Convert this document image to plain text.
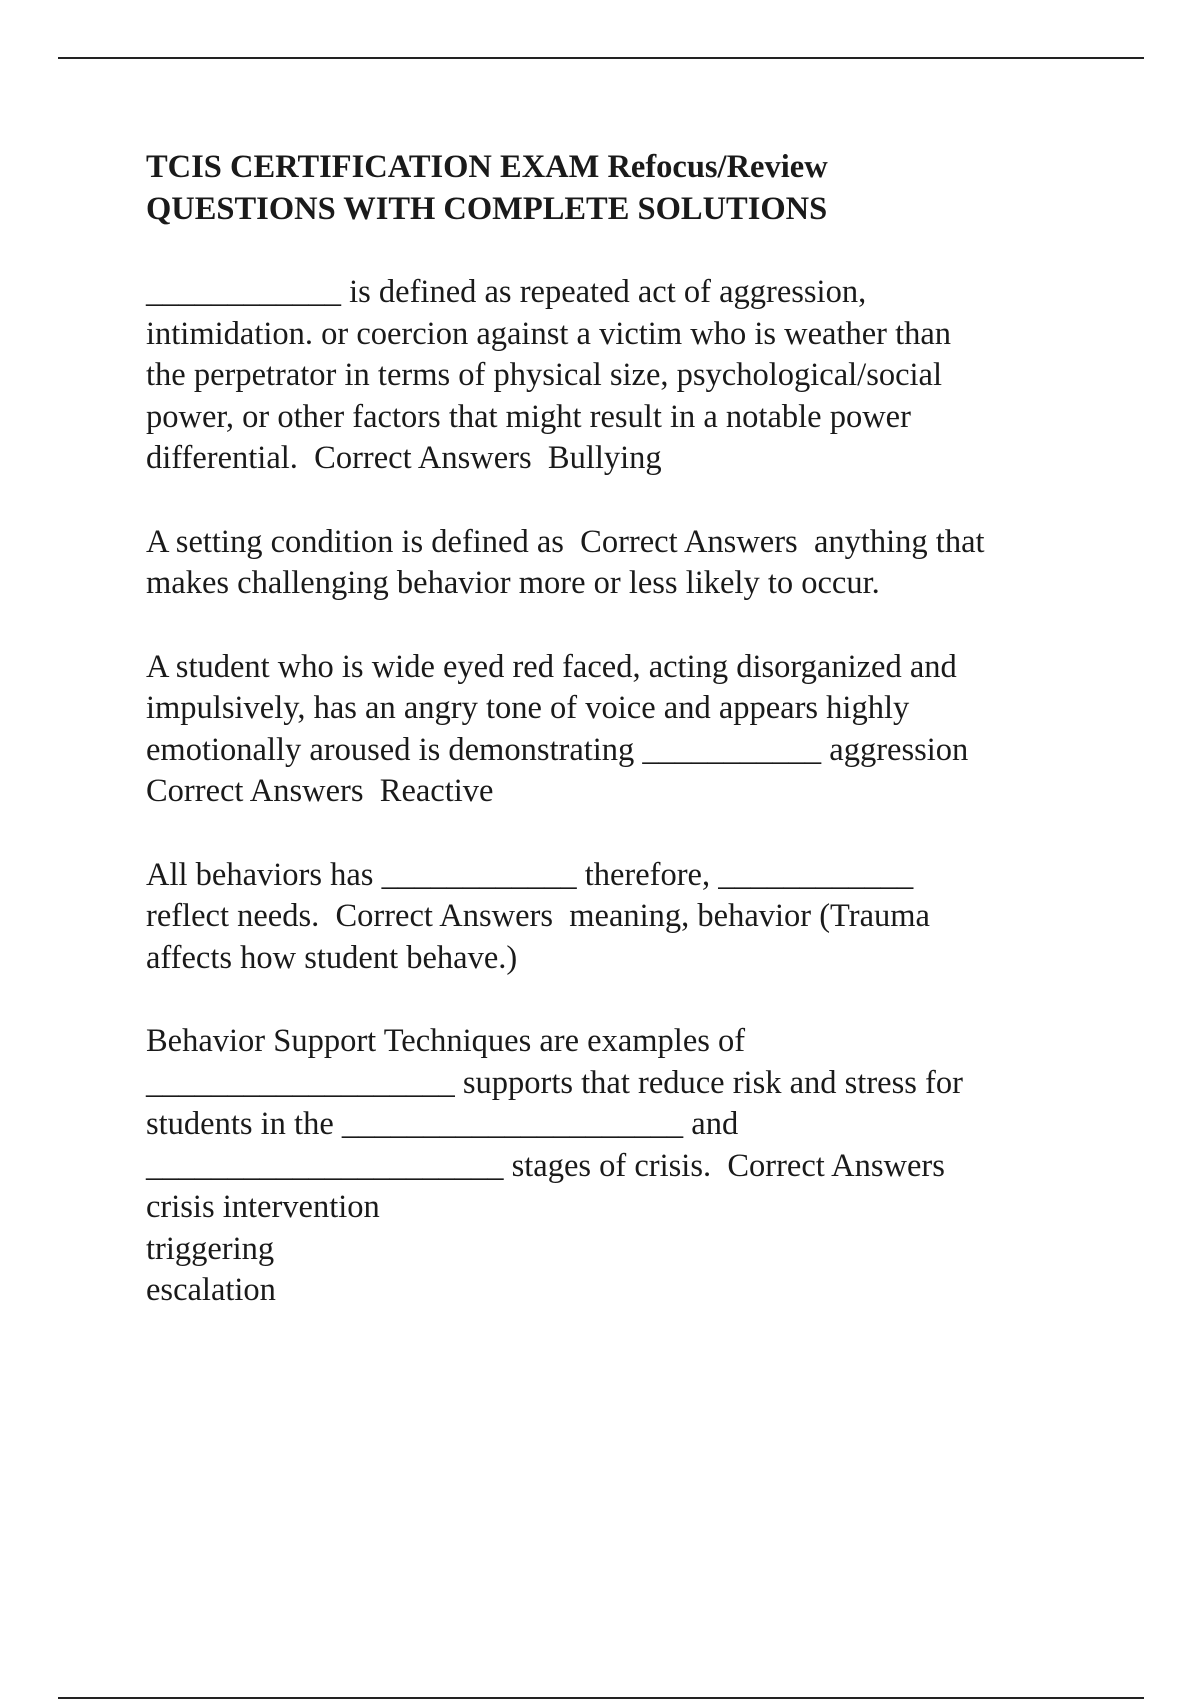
TCIS CERTIFICATION EXAM Refocus/Review
QUESTIONS WITH COMPLETE SOLUTIONS

____________ is defined as repeated act of aggression,
intimidation. or coercion against a victim who is weather than
the perpetrator in terms of physical size, psychological/social
power, or other factors that might result in a notable power
differential.  Correct Answers  Bullying

A setting condition is defined as  Correct Answers  anything that
makes challenging behavior more or less likely to occur.

A student who is wide eyed red faced, acting disorganized and
impulsively, has an angry tone of voice and appears highly
emotionally aroused is demonstrating ___________ aggression
Correct Answers  Reactive

All behaviors has ____________ therefore, ____________
reflect needs.  Correct Answers  meaning, behavior (Trauma
affects how student behave.)

Behavior Support Techniques are examples of
___________________ supports that reduce risk and stress for
students in the _____________________ and
______________________ stages of crisis.  Correct Answers
crisis intervention
triggering
escalation
